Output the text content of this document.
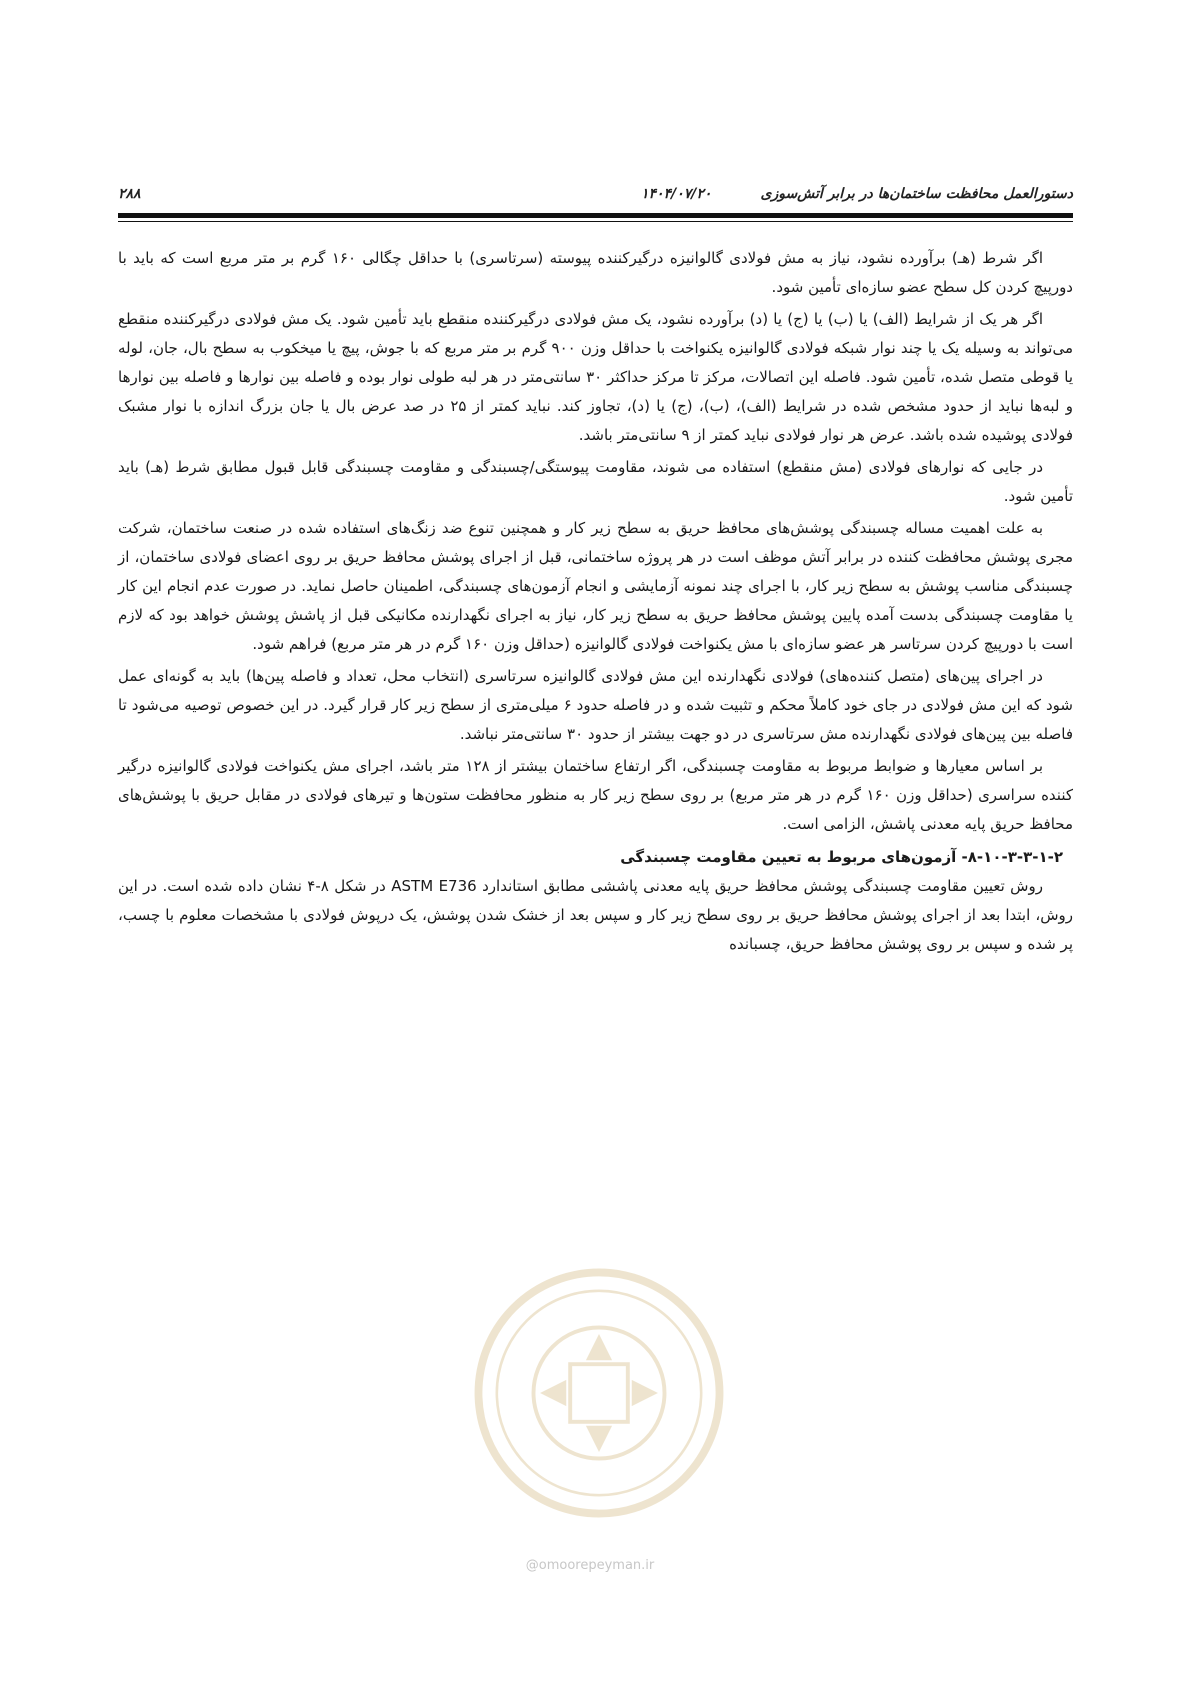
۲۸۸	۱۴۰۴/۰۷/۲۰	دستورالعمل محافظت ساختمان‌ها در برابر آتش‌سوزی

اگر شرط (هـ) برآورده نشود، نیاز به مش فولادی گالوانیزه درگیرکننده پیوسته (سرتاسری) با حداقل چگالی ۱۶۰ گرم بر متر مربع است که باید با دورپیچ کردن کل سطح عضو سازه‌ای تأمین شود.

اگر هر یک از شرایط (الف) یا (ب) یا (ج) یا (د) برآورده نشود، یک مش فولادی درگیرکننده منقطع باید تأمین شود. یک مش فولادی درگیرکننده منقطع می‌تواند به وسیله یک یا چند نوار شبکه فولادی گالوانیزه یکنواخت با حداقل وزن ۹۰۰ گرم بر متر مربع که با جوش، پیچ یا میخکوب به سطح بال، جان، لوله یا قوطی متصل شده، تأمین شود. فاصله این اتصالات، مرکز تا مرکز حداکثر ۳۰ سانتی‌متر در هر لبه طولی نوار بوده و فاصله بین نوارها و فاصله بین نوارها و لبه‌ها نباید از حدود مشخص شده در شرایط (الف)، (ب)، (ج) یا (د)، تجاوز کند. نباید کمتر از ۲۵ در صد عرض بال یا جان بزرگ اندازه با نوار مشبک فولادی پوشیده شده باشد. عرض هر نوار فولادی نباید کمتر از ۹ سانتی‌متر باشد.

در جایی که نوارهای فولادی (مش منقطع) استفاده می شوند، مقاومت پیوستگی/چسبندگی و مقاومت چسبندگی قابل قبول مطابق شرط (هـ) باید تأمین شود.

به علت اهمیت مساله چسبندگی پوشش‌های محافظ حریق به سطح زیر کار و همچنین تنوع ضد زنگ‌های استفاده شده در صنعت ساختمان، شرکت مجری پوشش محافظت کننده در برابر آتش موظف است در هر پروژه ساختمانی، قبل از اجرای پوشش محافظ حریق بر روی اعضای فولادی ساختمان، از چسبندگی مناسب پوشش به سطح زیر کار، با اجرای چند نمونه آزمایشی و انجام آزمون‌های چسبندگی، اطمینان حاصل نماید. در صورت عدم انجام این کار یا مقاومت چسبندگی بدست آمده پایین پوشش محافظ حریق به سطح زیر کار، نیاز به اجرای نگهدارنده مکانیکی قبل از پاشش پوشش خواهد بود که لازم است با دورپیچ کردن سرتاسر هر عضو سازه‌ای با مش یکنواخت فولادی گالوانیزه (حداقل وزن ۱۶۰ گرم در هر متر مربع) فراهم شود.

در اجرای پین‌های (متصل کننده‌های) فولادی نگهدارنده این مش فولادی گالوانیزه سرتاسری (انتخاب محل، تعداد و فاصله پین‌ها) باید به گونه‌ای عمل شود که این مش فولادی در جای خود کاملاً محکم و تثبیت شده و در فاصله حدود ۶ میلی‌متری از سطح زیر کار قرار گیرد. در این خصوص توصیه می‌شود تا فاصله بین پین‌های فولادی نگهدارنده مش سرتاسری در دو جهت بیشتر از حدود ۳۰ سانتی‌متر نباشد.

بر اساس معیارها و ضوابط مربوط به مقاومت چسبندگی، اگر ارتفاع ساختمان بیشتر از ۱۲۸ متر باشد، اجرای مش یکنواخت فولادی گالوانیزه درگیر کننده سراسری (حداقل وزن ۱۶۰ گرم در هر متر مربع) بر روی سطح زیر کار به منظور محافظت ستون‌ها و تیرهای فولادی در مقابل حریق با پوشش‌های محافظ حریق پایه معدنی پاشش، الزامی است.

۸-۱۰-۳-۳-۱-۲- آزمون‌های مربوط به تعیین مقاومت چسبندگی

روش تعیین مقاومت چسبندگی پوشش محافظ حریق پایه معدنی پاششی مطابق استاندارد ASTM E736 در شکل ۸-۴ نشان داده شده است. در این روش، ابتدا بعد از اجرای پوشش محافظ حریق بر روی سطح زیر کار و سپس بعد از خشک شدن پوشش، یک درپوش فولادی با مشخصات معلوم با چسب، پر شده و سپس بر روی پوشش محافظ حریق، چسبانده

@omoorepeyman.ir
